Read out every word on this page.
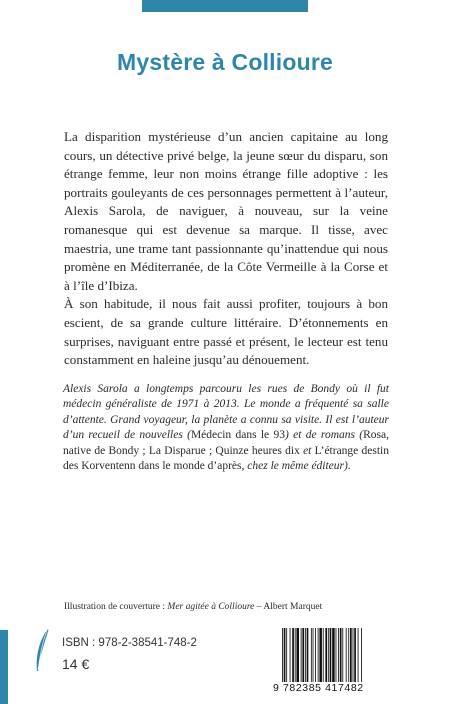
Mystère à Collioure

La disparition mystérieuse d’un ancien capitaine au long cours, un détective privé belge, la jeune sœur du disparu, son étrange femme, leur non moins étrange fille adoptive : les portraits gouleyants de ces personnages permettent à l’auteur, Alexis Sarola, de naviguer, à nouveau, sur la veine romanesque qui est devenue sa marque. Il tisse, avec maestria, une trame tant passionnante qu’inattendue qui nous promène en Méditerranée, de la Côte Vermeille à la Corse et à l’île d’Ibiza.

À son habitude, il nous fait aussi profiter, toujours à bon escient, de sa grande culture littéraire. D’étonnements en surprises, naviguant entre passé et présent, le lecteur est tenu constamment en haleine jusqu’au dénouement.

Alexis Sarola a longtemps parcouru les rues de Bondy où il fut médecin généraliste de 1971 à 2013. Le monde a fréquenté sa salle d’attente. Grand voyageur, la planète a connu sa visite. Il est l’auteur d’un recueil de nouvelles (Médecin dans le 93) et de romans (Rosa, native de Bondy ; La Disparue ; Quinze heures dix et L’étrange destin des Korventenn dans le monde d’après, chez le même éditeur).

Illustration de couverture : Mer agitée à Collioure – Albert Marquet
ISBN : 978-2-38541-748-2
14 €
9 782385 417482
